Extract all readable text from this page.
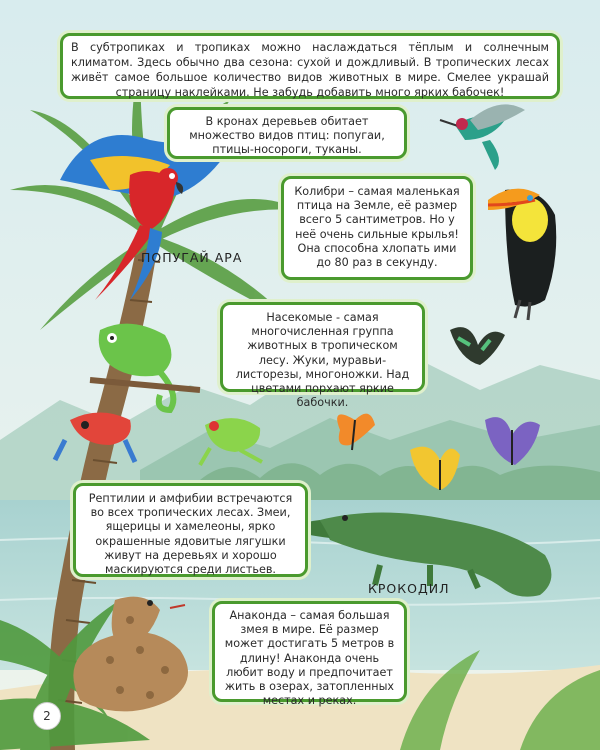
В субтропиках и тропиках можно наслаждаться тёплым и солнечным климатом. Здесь обычно два сезона: сухой и дождливый. В тропических лесах живёт самое большое количество видов животных в мире. Смелее украшай страницу наклейками. Не забудь добавить много ярких бабочек!
В кронах деревьев обитает множество видов птиц: попугаи, птицы-носороги, туканы.
Колибри – самая маленькая птица на Земле, её размер всего 5 сантиметров. Но у неё очень сильные крылья! Она способна хлопать ими до 80 раз в секунду.
Насекомые - самая многочисленная группа животных в тропическом лесу. Жуки, муравьи-листорезы, многоножки. Над цветами порхают яркие бабочки.
Рептилии и амфибии встречаются во всех тропических лесах. Змеи, ящерицы и хамелеоны, ярко окрашенные ядовитые лягушки живут на деревьях и хорошо маскируются среди листьев.
Анаконда – самая большая змея в мире. Её размер может достигать 5 метров в длину! Анаконда очень любит воду и предпочитает жить в озерах, затопленных местах и реках.
ПОПУГАЙ АРА
КРОКОДИЛ
2
